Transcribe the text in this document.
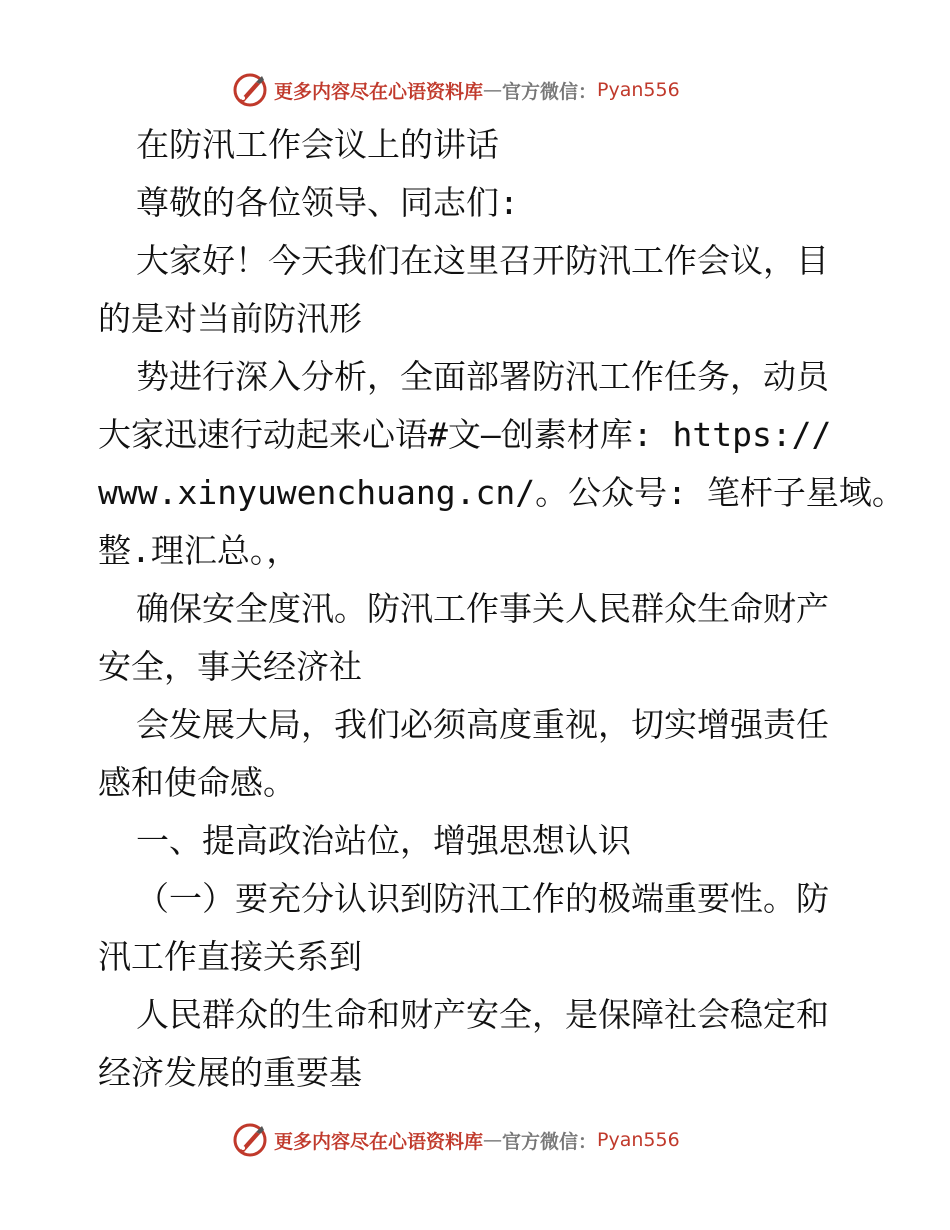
更多内容尽在心语资料库 — 官方微信： Pyan556

在防汛工作会议上的讲话

尊敬的各位领导、同志们:

大家好！今天我们在这里召开防汛工作会议，目

的是对当前防汛形

势进行深入分析，全面部署防汛工作任务，动员

大家迅速行动起来心语#文—创素材库: https://

www.xinyuwenchuang.cn/。公众号: 笔杆子星域。

整.理汇总。，

确保安全度汛。防汛工作事关人民群众生命财产

安全，事关经济社

会发展大局，我们必须高度重视，切实增强责任

感和使命感。

一、提高政治站位，增强思想认识

（一）要充分认识到防汛工作的极端重要性。防

汛工作直接关系到

人民群众的生命和财产安全，是保障社会稳定和

经济发展的重要基

更多内容尽在心语资料库 — 官方微信： Pyan556
